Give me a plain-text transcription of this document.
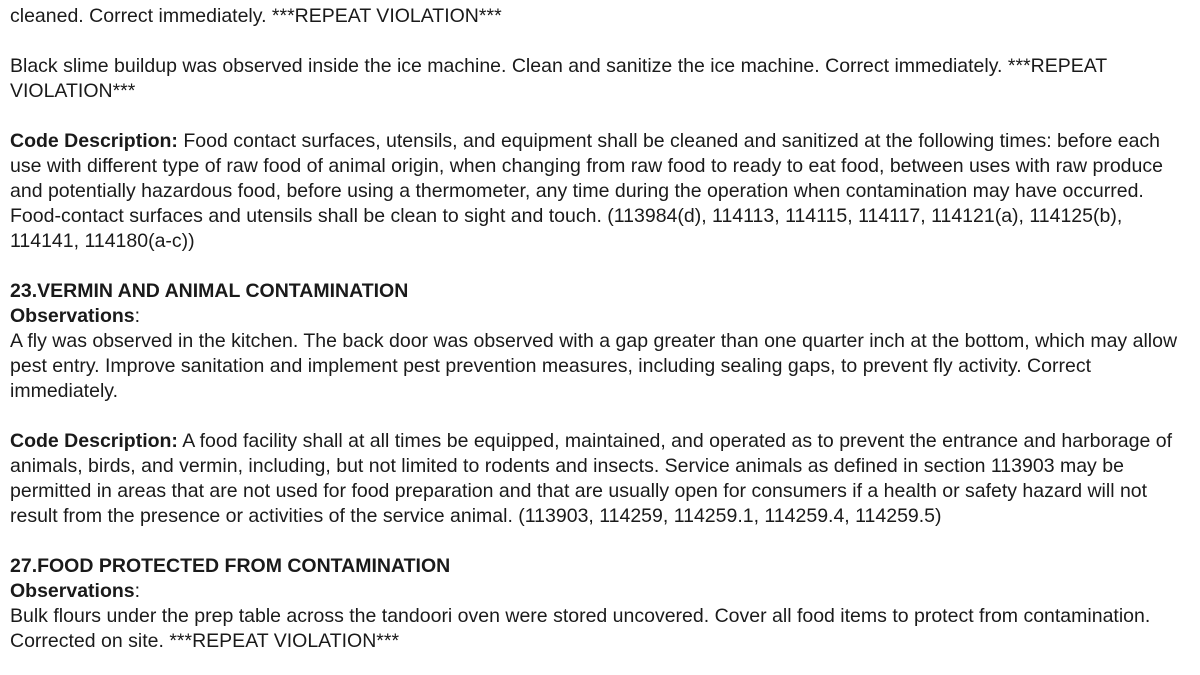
cleaned. Correct immediately. ***REPEAT VIOLATION***

Black slime buildup was observed inside the ice machine. Clean and sanitize the ice machine. Correct immediately. ***REPEAT VIOLATION***

Code Description: Food contact surfaces, utensils, and equipment shall be cleaned and sanitized at the following times: before each use with different type of raw food of animal origin, when changing from raw food to ready to eat food, between uses with raw produce and potentially hazardous food, before using a thermometer, any time during the operation when contamination may have occurred. Food-contact surfaces and utensils shall be clean to sight and touch. (113984(d), 114113, 114115, 114117, 114121(a), 114125(b), 114141, 114180(a-c))

23.VERMIN AND ANIMAL CONTAMINATION

Observations:

A fly was observed in the kitchen. The back door was observed with a gap greater than one quarter inch at the bottom, which may allow pest entry. Improve sanitation and implement pest prevention measures, including sealing gaps, to prevent fly activity. Correct immediately.

Code Description: A food facility shall at all times be equipped, maintained, and operated as to prevent the entrance and harborage of animals, birds, and vermin, including, but not limited to rodents and insects. Service animals as defined in section 113903 may be permitted in areas that are not used for food preparation and that are usually open for consumers if a health or safety hazard will not result from the presence or activities of the service animal. (113903, 114259, 114259.1, 114259.4, 114259.5)

27.FOOD PROTECTED FROM CONTAMINATION

Observations:

Bulk flours under the prep table across the tandoori oven were stored uncovered. Cover all food items to protect from contamination. Corrected on site. ***REPEAT VIOLATION***
